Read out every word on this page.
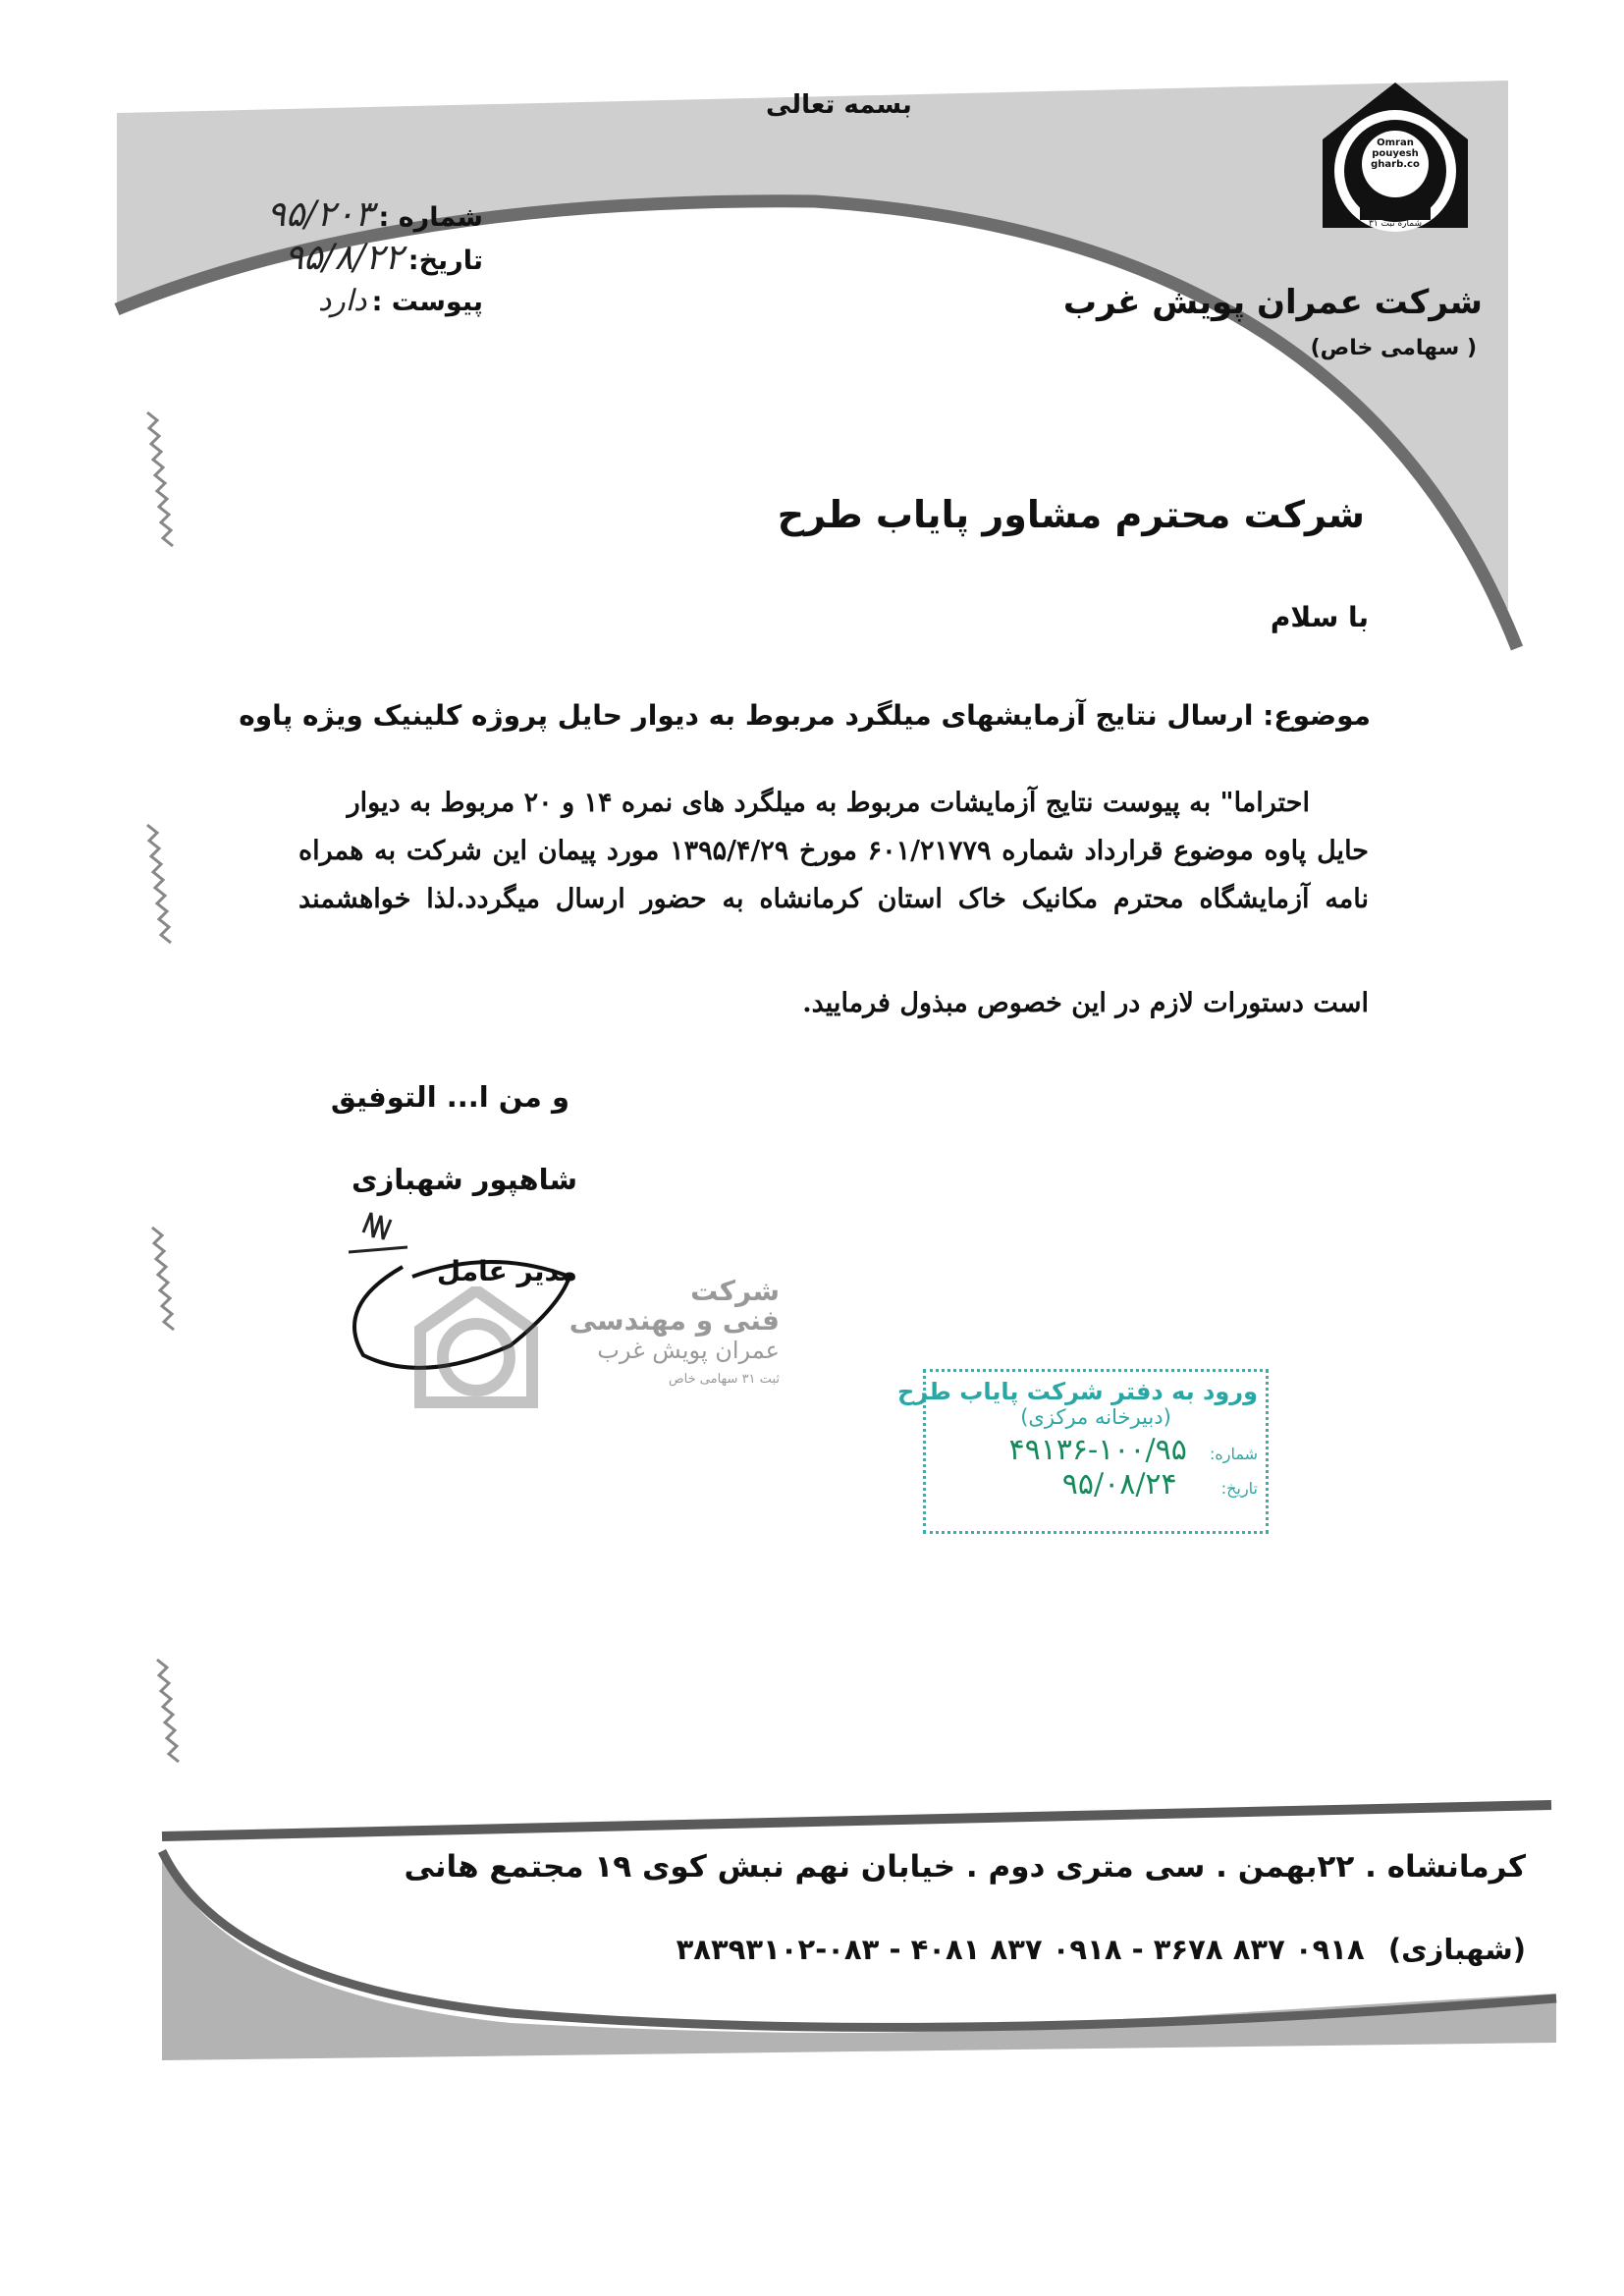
بسمه تعالی
Omran
pouyesh
gharb.co
شماره ثبت ۳۱
شرکت عمران پویش غرب
( سهامی خاص)
شماره : ۹۵/۲۰۳
تاریخ: ۹۵/۸/۲۲
پیوست : دارد
شرکت محترم مشاور پایاب طرح
با سلام
موضوع: ارسال نتایج آزمایشهای میلگرد مربوط به دیوار حایل پروژه کلینیک ویژه پاوه
احتراما" به پیوست نتایج آزمایشات مربوط به میلگرد های نمره ۱۴ و ۲۰ مربوط به دیوار
حایل پاوه موضوع قرارداد شماره ۶۰۱/۲۱۷۷۹ مورخ ۱۳۹۵/۴/۲۹ مورد پیمان این شرکت به همراه
نامه آزمایشگاه محترم مکانیک خاک استان کرمانشاه به حضور ارسال میگردد.لذا خواهشمند
است دستورات لازم در این خصوص مبذول فرمایید.
و من ا... التوفیق
شاهپور شهبازی
مدیر عامل
شرکت
فنی و مهندسی
عمران پویش غرب
ثبت ۳۱ سهامی خاص	ورود به دفتر شرکت پایاب طرح
(دبیرخانه مرکزی)
شماره: ۱۰۰/۹۵-۴۹۱۳۶
تاریخ: ۹۵/۰۸/۲۴
کرمانشاه . ۲۲بهمن . سی متری دوم . خیابان نهم نبش کوی ۱۹ مجتمع هانی
(شهبازی) ۰۹۱۸ ۸۳۷ ۳۶۷۸ - ۰۹۱۸ ۸۳۷ ۴۰۸۱ - ۰۸۳-۳۸۳۹۳۱۰۲
